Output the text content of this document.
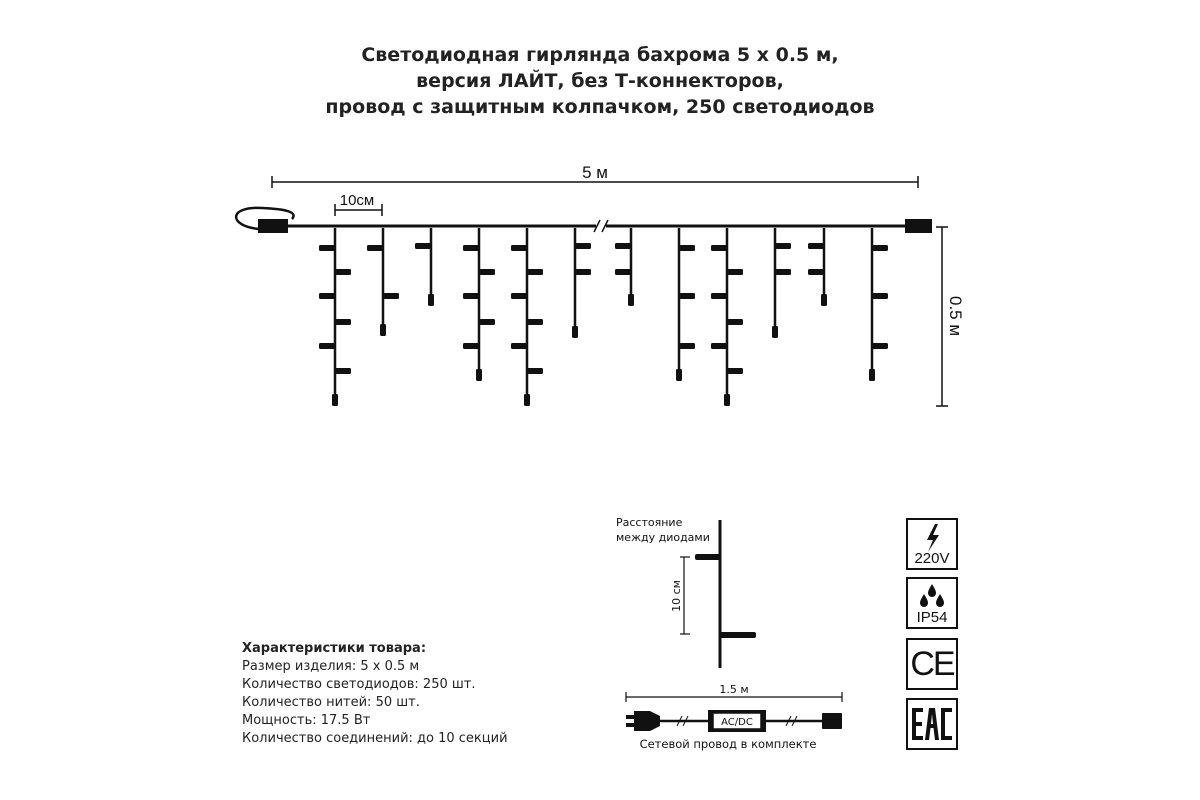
Светодиодная гирлянда бахрома 5 х 0.5 м,
версия ЛАЙТ, без Т-коннекторов,
провод с защитным колпачком, 250 светодиодов
5 м
10см
0.5 м
Расстояние
между диодами
10 см
1.5 м
AC/DC
Сетевой провод в комплекте
Характеристики товара:
Размер изделия: 5 х 0.5 м
Количество светодиодов: 250 шт.
Количество нитей: 50 шт.
Мощность: 17.5 Вт
Количество соединений: до 10 секций
220V
IP54
CE
